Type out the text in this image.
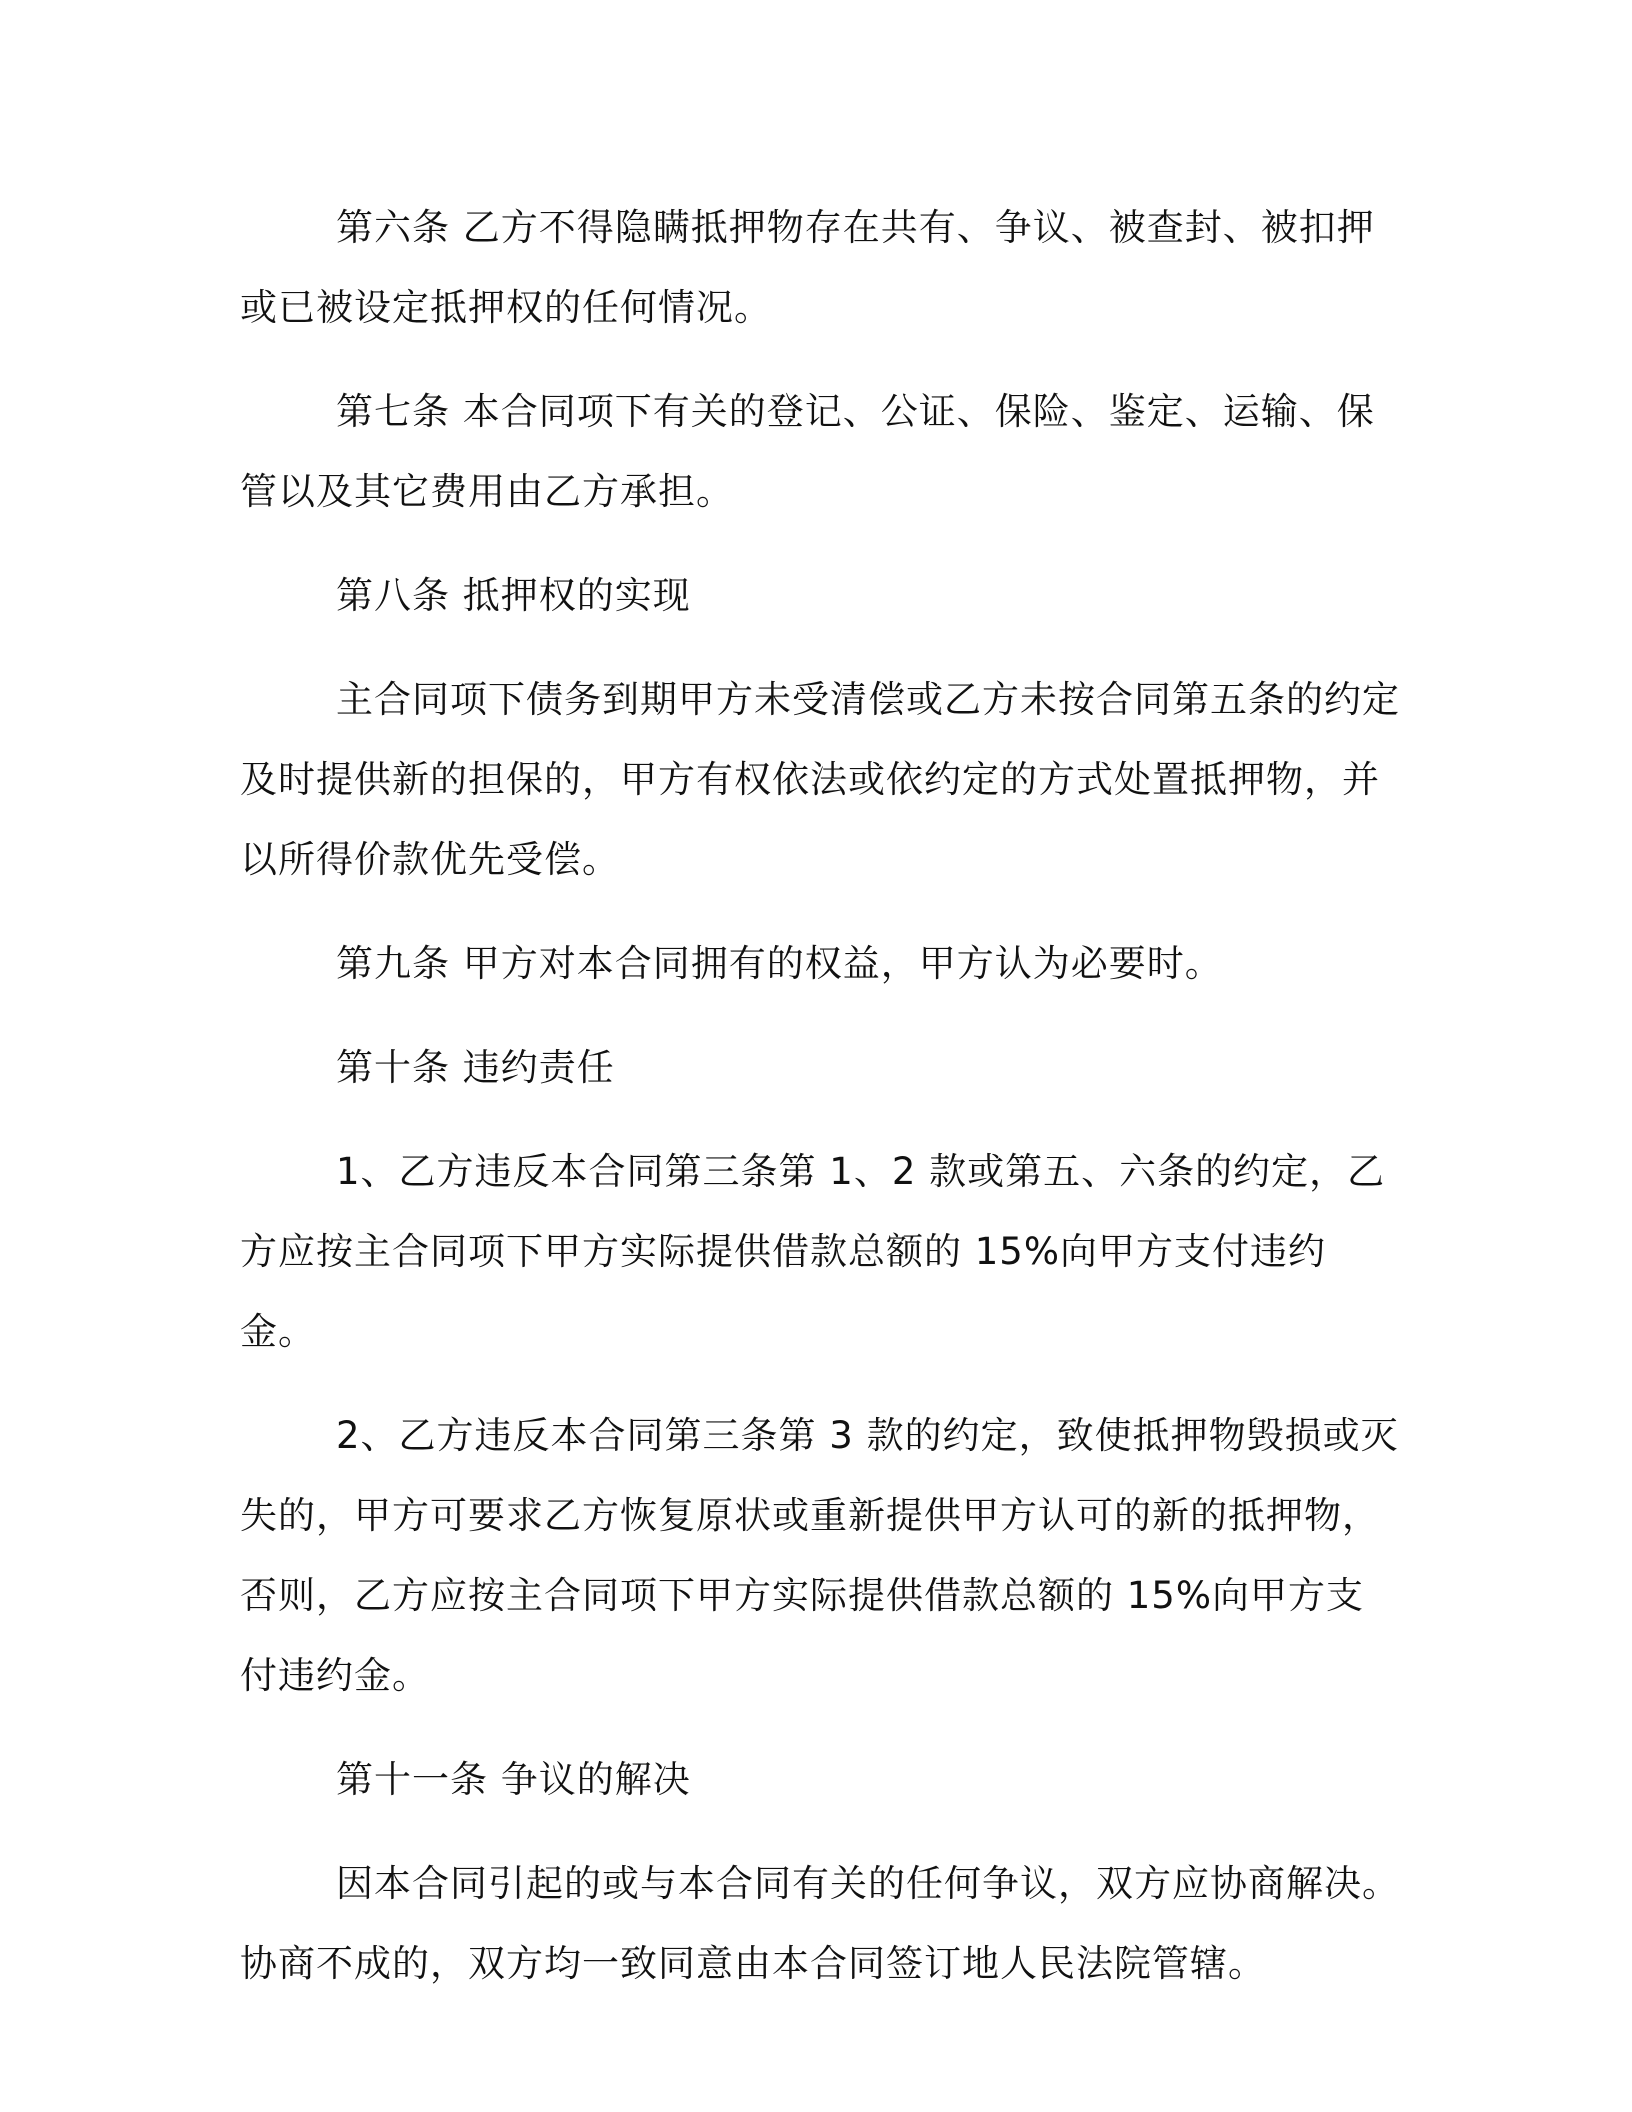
第六条 乙方不得隐瞒抵押物存在共有、争议、被查封、被扣押或已被设定抵押权的任何情况。

第七条 本合同项下有关的登记、公证、保险、鉴定、运输、保管以及其它费用由乙方承担。

第八条 抵押权的实现

主合同项下债务到期甲方未受清偿或乙方未按合同第五条的约定及时提供新的担保的，甲方有权依法或依约定的方式处置抵押物，并以所得价款优先受偿。

第九条 甲方对本合同拥有的权益，甲方认为必要时。

第十条 违约责任

1、乙方违反本合同第三条第 1、2 款或第五、六条的约定，乙方应按主合同项下甲方实际提供借款总额的 15%向甲方支付违约金。

2、乙方违反本合同第三条第 3 款的约定，致使抵押物毁损或灭失的，甲方可要求乙方恢复原状或重新提供甲方认可的新的抵押物，否则，乙方应按主合同项下甲方实际提供借款总额的 15%向甲方支付违约金。

第十一条 争议的解决

因本合同引起的或与本合同有关的任何争议，双方应协商解决。协商不成的，双方均一致同意由本合同签订地人民法院管辖。
